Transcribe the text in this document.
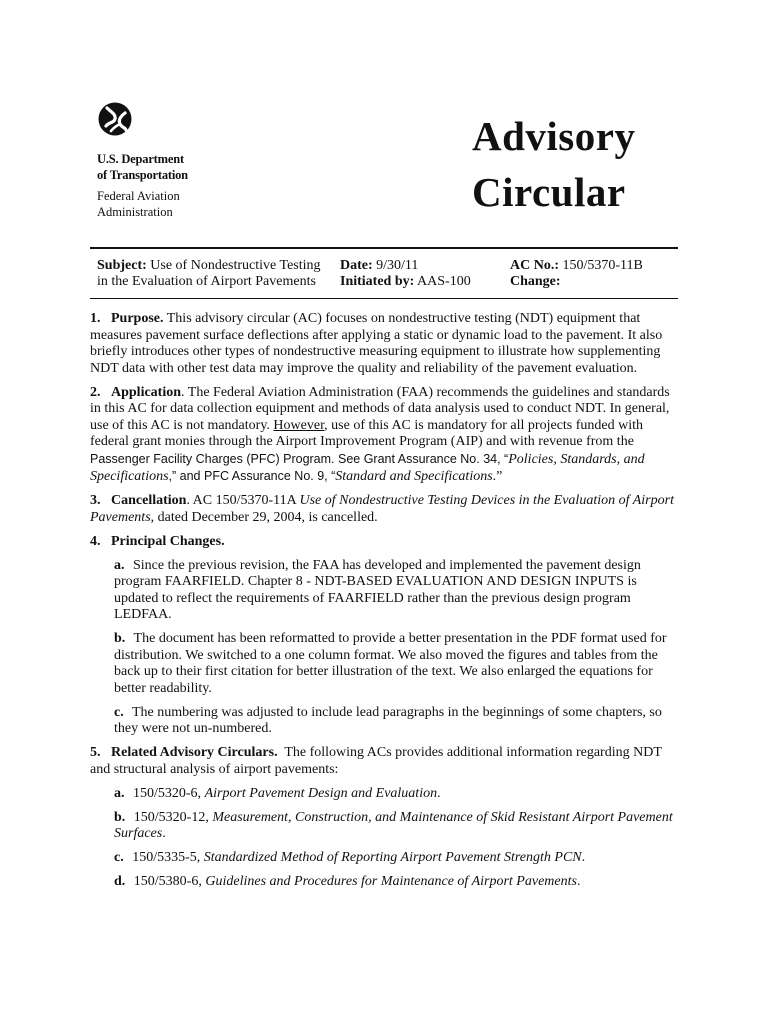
U.S. Department
of Transportation
Federal Aviation
Administration
Advisory
Circular
Subject: Use of Nondestructive Testing
in the Evaluation of Airport Pavements
Date: 9/30/11
Initiated by: AAS-100
AC No.: 150/5370-11B
Change:

1. Purpose. This advisory circular (AC) focuses on nondestructive testing (NDT) equipment that measures pavement surface deflections after applying a static or dynamic load to the pavement. It also briefly introduces other types of nondestructive measuring equipment to illustrate how supplementing NDT data with other test data may improve the quality and reliability of the pavement evaluation.

2. Application. The Federal Aviation Administration (FAA) recommends the guidelines and standards in this AC for data collection equipment and methods of data analysis used to conduct NDT. In general, use of this AC is not mandatory. However, use of this AC is mandatory for all projects funded with federal grant monies through the Airport Improvement Program (AIP) and with revenue from the Passenger Facility Charges (PFC) Program. See Grant Assurance No. 34, “Policies, Standards, and Specifications,” and PFC Assurance No. 9, “Standard and Specifications.”

3. Cancellation. AC 150/5370-11A Use of Nondestructive Testing Devices in the Evaluation of Airport Pavements, dated December 29, 2004, is cancelled.

4. Principal Changes.

a. Since the previous revision, the FAA has developed and implemented the pavement design program FAARFIELD. Chapter 8 - NDT-BASED EVALUATION AND DESIGN INPUTS is updated to reflect the requirements of FAARFIELD rather than the previous design program LEDFAA.

b. The document has been reformatted to provide a better presentation in the PDF format used for distribution. We switched to a one column format. We also moved the figures and tables from the back up to their first citation for better illustration of the text. We also enlarged the equations for better readability.

c. The numbering was adjusted to include lead paragraphs in the beginnings of some chapters, so they were not un-numbered.

5. Related Advisory Circulars. The following ACs provides additional information regarding NDT and structural analysis of airport pavements:

a. 150/5320-6, Airport Pavement Design and Evaluation.

b. 150/5320-12, Measurement, Construction, and Maintenance of Skid Resistant Airport Pavement Surfaces.

c. 150/5335-5, Standardized Method of Reporting Airport Pavement Strength PCN.

d. 150/5380-6, Guidelines and Procedures for Maintenance of Airport Pavements.
